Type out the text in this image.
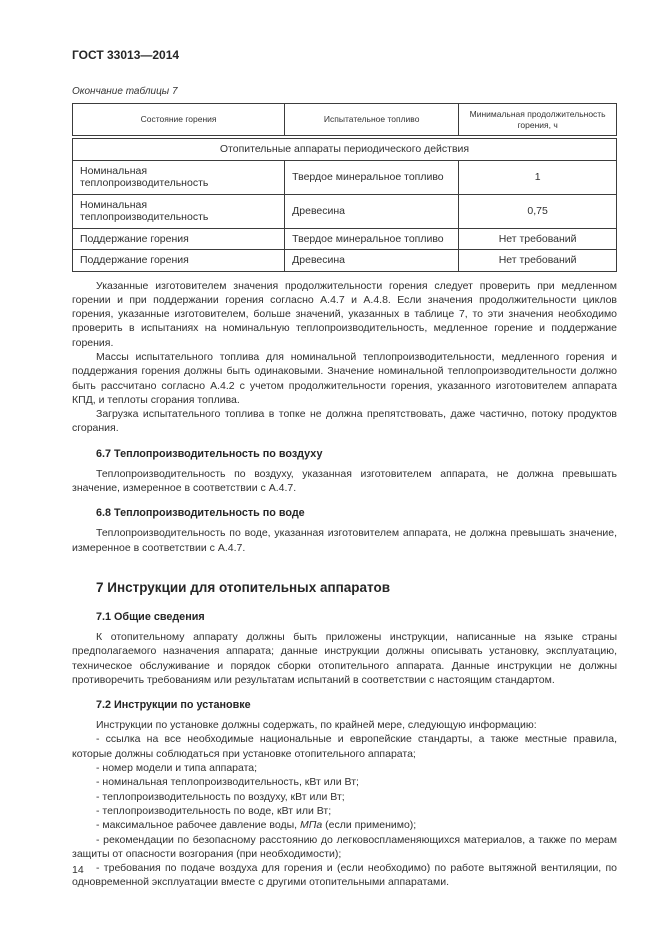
ГОСТ 33013—2014
Окончание таблицы 7
Состояние горения	Испытательное топливо	Минимальная продолжительность горения, ч
Отопительные аппараты периодического действия		
Номинальная теплопроизводительность	Твердое минеральное топливо	1
Номинальная теплопроизводительность	Древесина	0,75
Поддержание горения	Твердое минеральное топливо	Нет требований
Поддержание горения	Древесина	Нет требований

Указанные изготовителем значения продолжительности горения следует проверить при медленном горении и при поддержании горения согласно А.4.7 и А.4.8. Если значения продолжительности циклов горения, указанные изготовителем, больше значений, указанных в таблице 7, то эти значения необходимо проверить в испытаниях на номинальную теплопроизводительность, медленное горение и поддержание горения.

Массы испытательного топлива для номинальной теплопроизводительности, медленного горения и поддержания горения должны быть одинаковыми. Значение номинальной теплопроизводительности должно быть рассчитано согласно А.4.2 с учетом продолжительности горения, указанного изготовителем аппарата КПД, и теплоты сгорания топлива.

Загрузка испытательного топлива в топке не должна препятствовать, даже частично, потоку продуктов сгорания.

6.7 Теплопроизводительность по воздуху

Теплопроизводительность по воздуху, указанная изготовителем аппарата, не должна превышать значение, измеренное в соответствии с А.4.7.

6.8 Теплопроизводительность по воде

Теплопроизводительность по воде, указанная изготовителем аппарата, не должна превышать значение, измеренное в соответствии с А.4.7.

7 Инструкции для отопительных аппаратов
7.1 Общие сведения

К отопительному аппарату должны быть приложены инструкции, написанные на языке страны предполагаемого назначения аппарата; данные инструкции должны описывать установку, эксплуатацию, техническое обслуживание и порядок сборки отопительного аппарата. Данные инструкции не должны противоречить требованиям или результатам испытаний в соответствии с настоящим стандартом.

7.2 Инструкции по установке

Инструкции по установке должны содержать, по крайней мере, следующую информацию:

- ссылка на все необходимые национальные и европейские стандарты, а также местные правила, которые должны соблюдаться при установке отопительного аппарата;
- номер модели и типа аппарата;
- номинальная теплопроизводительность, кВт или Вт;
- теплопроизводительность по воздуху, кВт или Вт;
- теплопроизводительность по воде, кВт или Вт;
- максимальное рабочее давление воды, МПа (если применимо);
- рекомендации по безопасному расстоянию до легковоспламеняющихся материалов, а также по мерам защиты от опасности возгорания (при необходимости);
- требования по подаче воздуха для горения и (если необходимо) по работе вытяжной вентиляции, по одновременной эксплуатации вместе с другими отопительными аппаратами.
14
